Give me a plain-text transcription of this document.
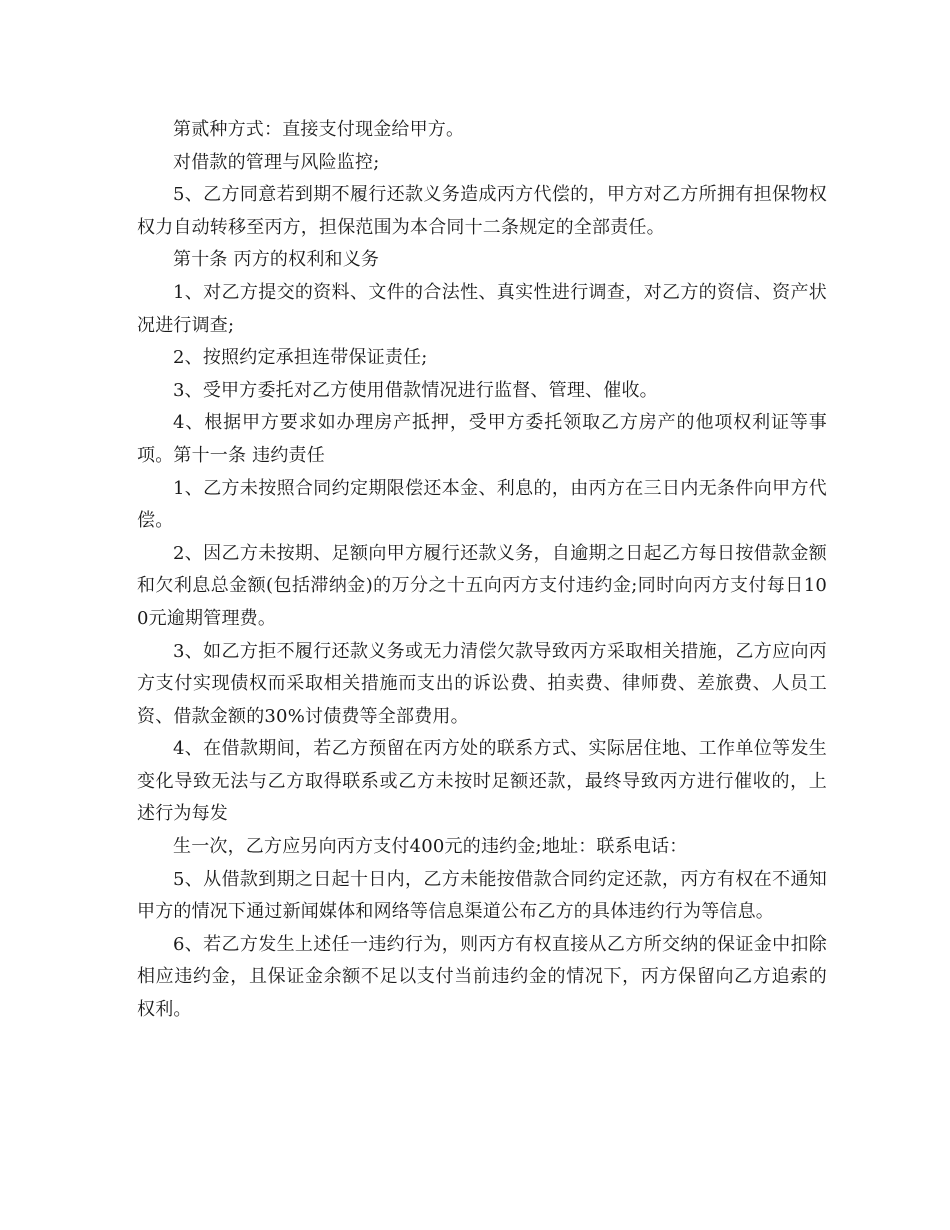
第贰种方式：直接支付现金给甲方。

对借款的管理与风险监控;

5、乙方同意若到期不履行还款义务造成丙方代偿的，甲方对乙方所拥有担保物权权力自动转移至丙方，担保范围为本合同十二条规定的全部责任。

第十条 丙方的权利和义务

1、对乙方提交的资料、文件的合法性、真实性进行调查，对乙方的资信、资产状况进行调查;

2、按照约定承担连带保证责任;

3、受甲方委托对乙方使用借款情况进行监督、管理、催收。

4、根据甲方要求如办理房产抵押，受甲方委托领取乙方房产的他项权利证等事项。第十一条 违约责任

1、乙方未按照合同约定期限偿还本金、利息的，由丙方在三日内无条件向甲方代偿。

2、因乙方未按期、足额向甲方履行还款义务，自逾期之日起乙方每日按借款金额和欠利息总金额(包括滞纳金)的万分之十五向丙方支付违约金;同时向丙方支付每日100元逾期管理费。

3、如乙方拒不履行还款义务或无力清偿欠款导致丙方采取相关措施，乙方应向丙方支付实现债权而采取相关措施而支出的诉讼费、拍卖费、律师费、差旅费、人员工资、借款金额的30%讨债费等全部费用。

4、在借款期间，若乙方预留在丙方处的联系方式、实际居住地、工作单位等发生变化导致无法与乙方取得联系或乙方未按时足额还款，最终导致丙方进行催收的，上述行为每发

生一次，乙方应另向丙方支付400元的违约金;地址：联系电话：

5、从借款到期之日起十日内，乙方未能按借款合同约定还款，丙方有权在不通知甲方的情况下通过新闻媒体和网络等信息渠道公布乙方的具体违约行为等信息。

6、若乙方发生上述任一违约行为，则丙方有权直接从乙方所交纳的保证金中扣除相应违约金，且保证金余额不足以支付当前违约金的情况下，丙方保留向乙方追索的权利。
